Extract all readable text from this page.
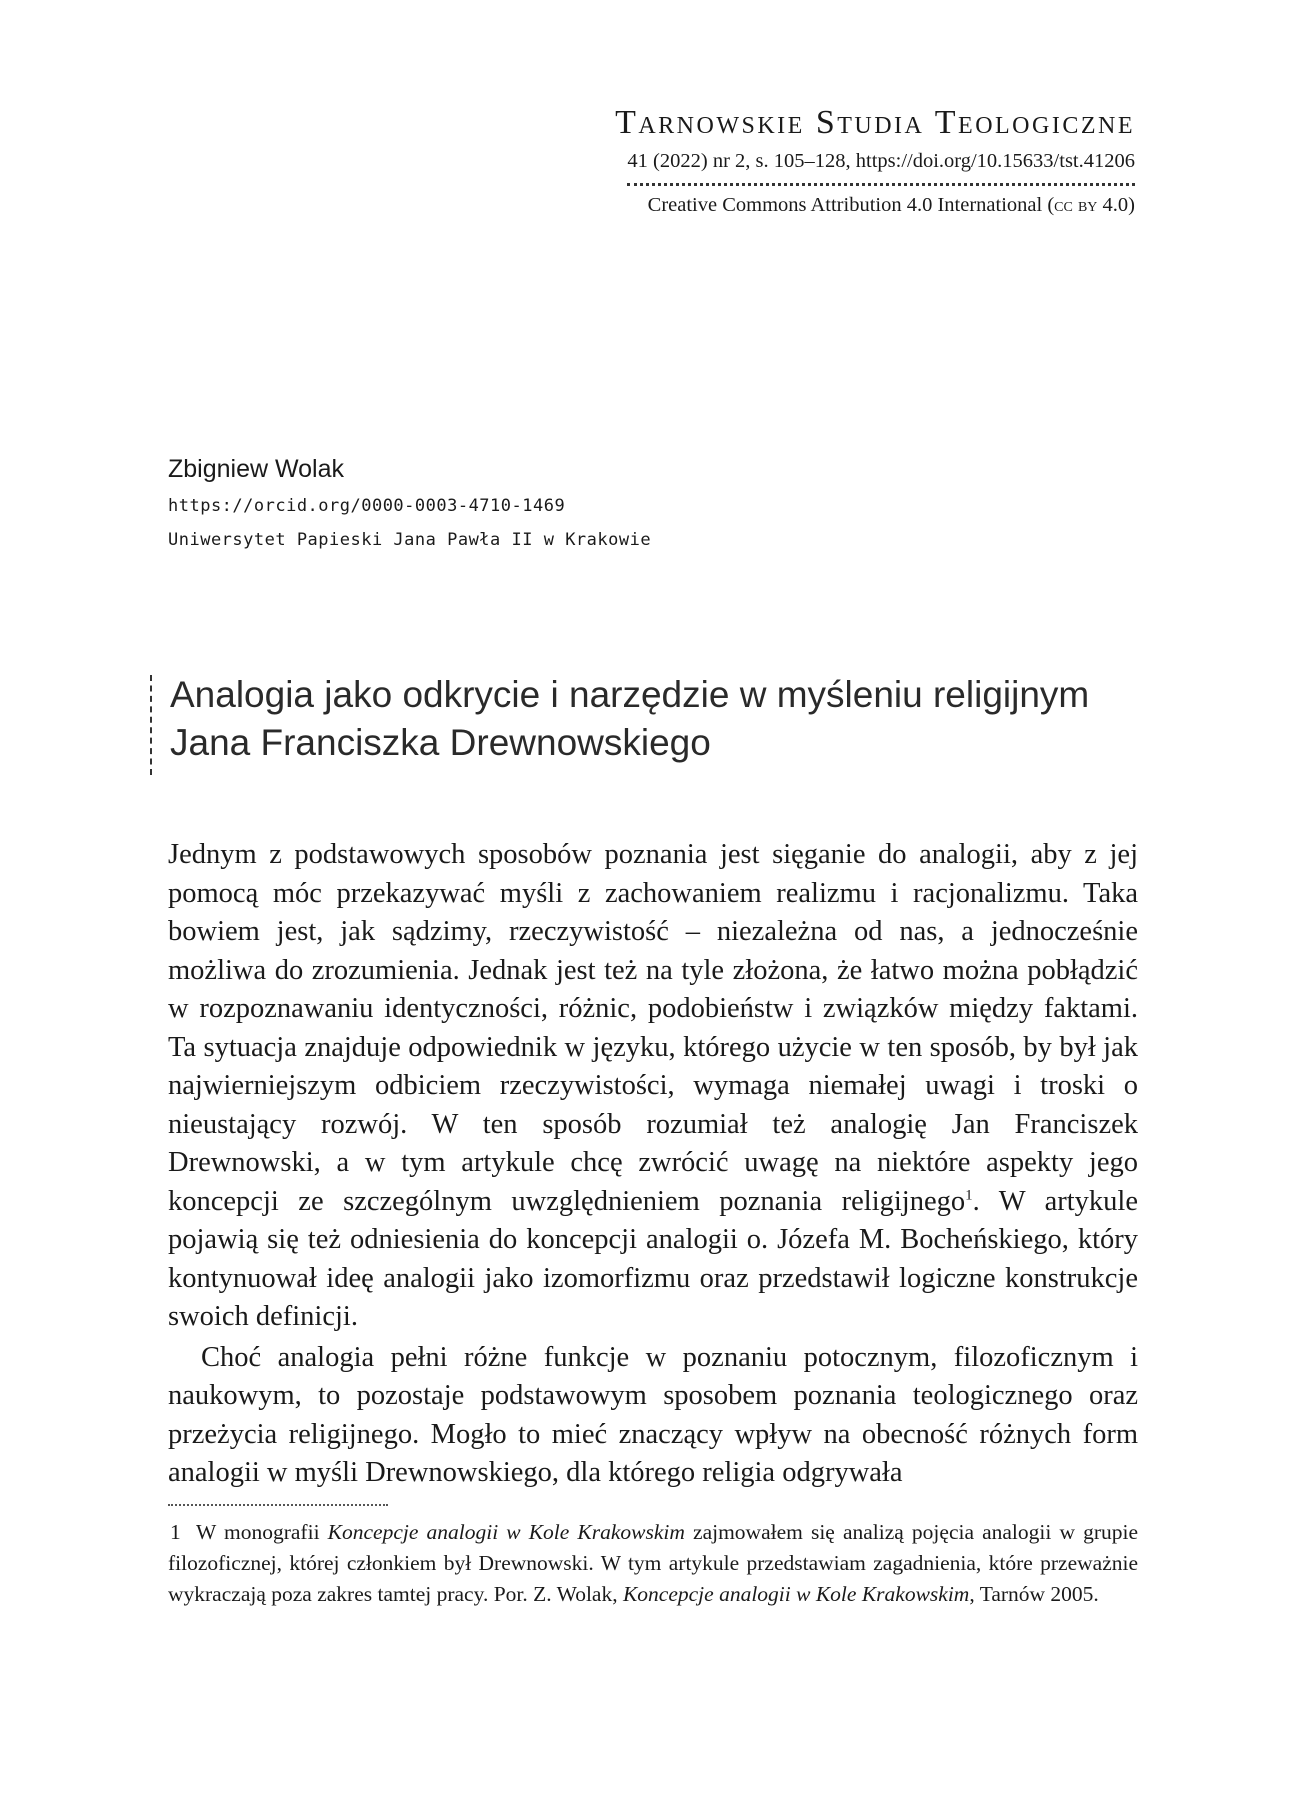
Tarnowskie Studia Teologiczne
41 (2022) nr 2, s. 105–128, https://doi.org/10.15633/tst.41206
Creative Commons Attribution 4.0 International (cc by 4.0)
Zbigniew Wolak
https://orcid.org/0000-0003-4710-1469
Uniwersytet Papieski Jana Pawła II w Krakowie
Analogia jako odkrycie i narzędzie w myśleniu religijnym Jana Franciszka Drewnowskiego

Jednym z podstawowych sposobów poznania jest sięganie do analogii, aby z jej pomocą móc przekazywać myśli z zachowaniem realizmu i racjonalizmu. Taka bowiem jest, jak sądzimy, rzeczywistość – niezależna od nas, a jednocześnie możliwa do zrozumienia. Jednak jest też na tyle złożona, że łatwo można pobłądzić w rozpoznawaniu identyczności, różnic, podobieństw i związków między faktami. Ta sytuacja znajduje odpowiednik w języku, którego użycie w ten sposób, by był jak najwierniejszym odbiciem rzeczywistości, wymaga niemałej uwagi i troski o nieustający rozwój. W ten sposób rozumiał też analogię Jan Franciszek Drewnowski, a w tym artykule chcę zwrócić uwagę na niektóre aspekty jego koncepcji ze szczególnym uwzględnieniem poznania religijnego$^1$. W artykule pojawią się też odniesienia do koncepcji analogii o. Józefa M. Bocheńskiego, który kontynuował ideę analogii jako izomorfizmu oraz przedstawił logiczne konstrukcje swoich definicji.

Choć analogia pełni różne funkcje w poznaniu potocznym, filozoficznym i naukowym, to pozostaje podstawowym sposobem poznania teologicznego oraz przeżycia religijnego. Mogło to mieć znaczący wpływ na obecność różnych form analogii w myśli Drewnowskiego, dla którego religia odgrywała

1 W monografii Koncepcje analogii w Kole Krakowskim zajmowałem się analizą pojęcia analogii w grupie filozoficznej, której członkiem był Drewnowski. W tym artykule przedstawiam zagadnienia, które przeważnie wykraczają poza zakres tamtej pracy. Por. Z. Wolak, Koncepcje analogii w Kole Krakowskim, Tarnów 2005.
